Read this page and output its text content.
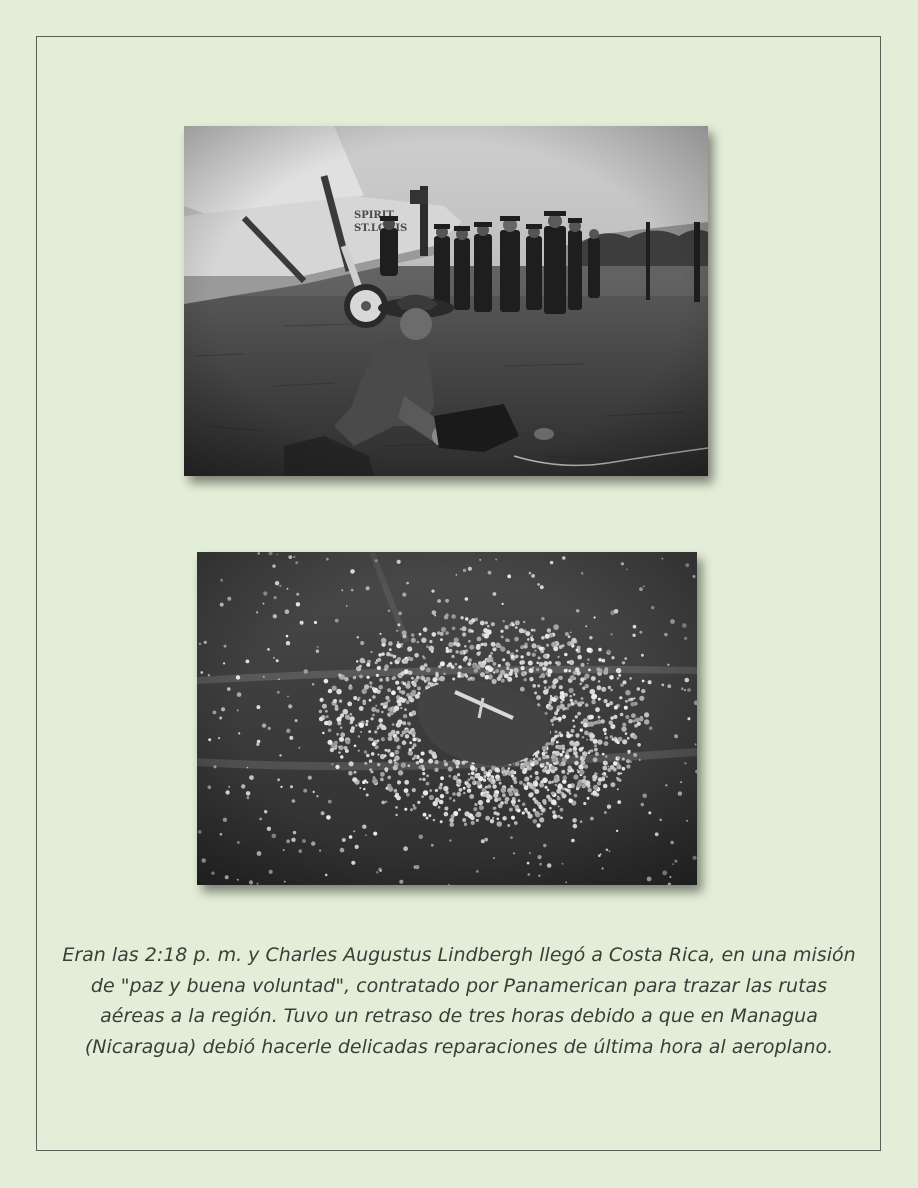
Eran las 2:18 p. m. y Charles Augustus Lindbergh llegó a Costa Rica, en una misión de "paz y buena voluntad", contratado por Panamerican para trazar las rutas aéreas a la región. Tuvo un retraso de tres horas debido a que en Managua (Nicaragua) debió hacerle delicadas reparaciones de última hora al aeroplano.
